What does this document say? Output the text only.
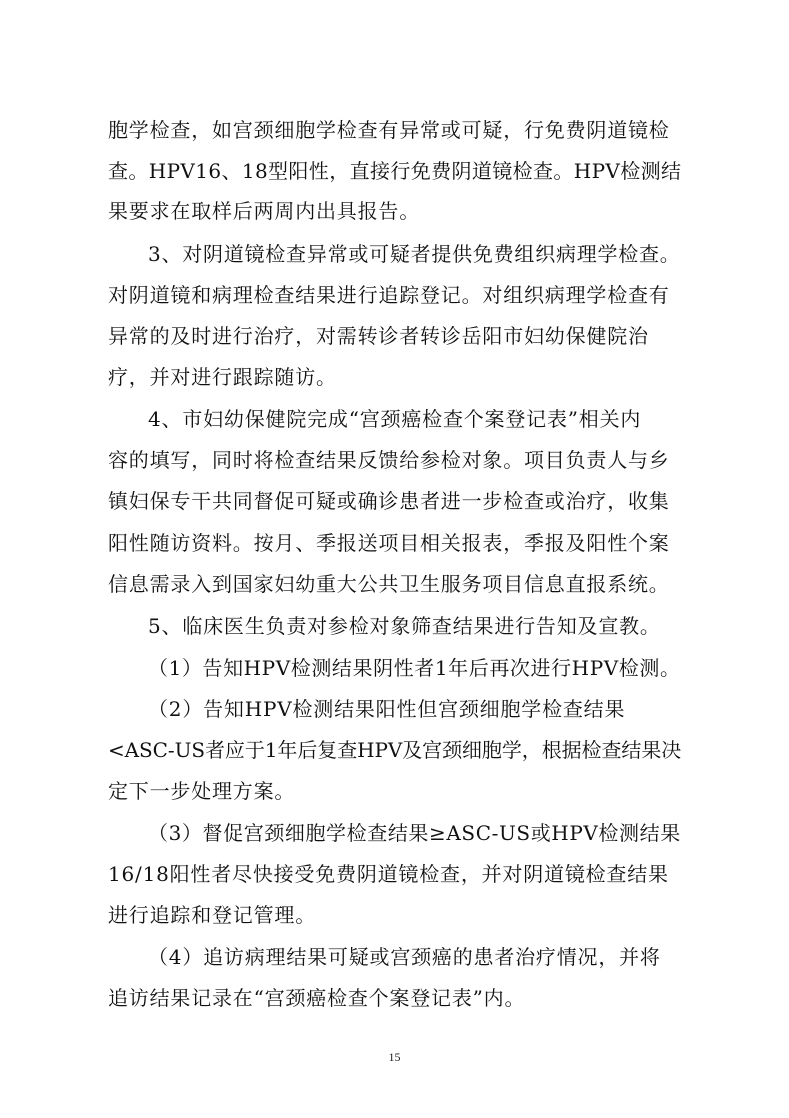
胞学检查，如宫颈细胞学检查有异常或可疑，行免费阴道镜检
查。HPV16、18型阳性，直接行免费阴道镜检查。HPV检测结
果要求在取样后两周内出具报告。
3、对阴道镜检查异常或可疑者提供免费组织病理学检查。
对阴道镜和病理检查结果进行追踪登记。对组织病理学检查有
异常的及时进行治疗，对需转诊者转诊岳阳市妇幼保健院治
疗，并对进行跟踪随访。
4、市妇幼保健院完成“宫颈癌检查个案登记表”相关内
容的填写，同时将检查结果反馈给参检对象。项目负责人与乡
镇妇保专干共同督促可疑或确诊患者进一步检查或治疗，收集
阳性随访资料。按月、季报送项目相关报表，季报及阳性个案
信息需录入到国家妇幼重大公共卫生服务项目信息直报系统。
5、临床医生负责对参检对象筛查结果进行告知及宣教。
（1）告知HPV检测结果阴性者1年后再次进行HPV检测。
（2）告知HPV检测结果阳性但宫颈细胞学检查结果
<ASC-US者应于1年后复查HPV及宫颈细胞学，根据检查结果决
定下一步处理方案。
（3）督促宫颈细胞学检查结果≥ASC-US或HPV检测结果
16/18阳性者尽快接受免费阴道镜检查，并对阴道镜检查结果
进行追踪和登记管理。
（4）追访病理结果可疑或宫颈癌的患者治疗情况，并将
追访结果记录在“宫颈癌检查个案登记表”内。
15
